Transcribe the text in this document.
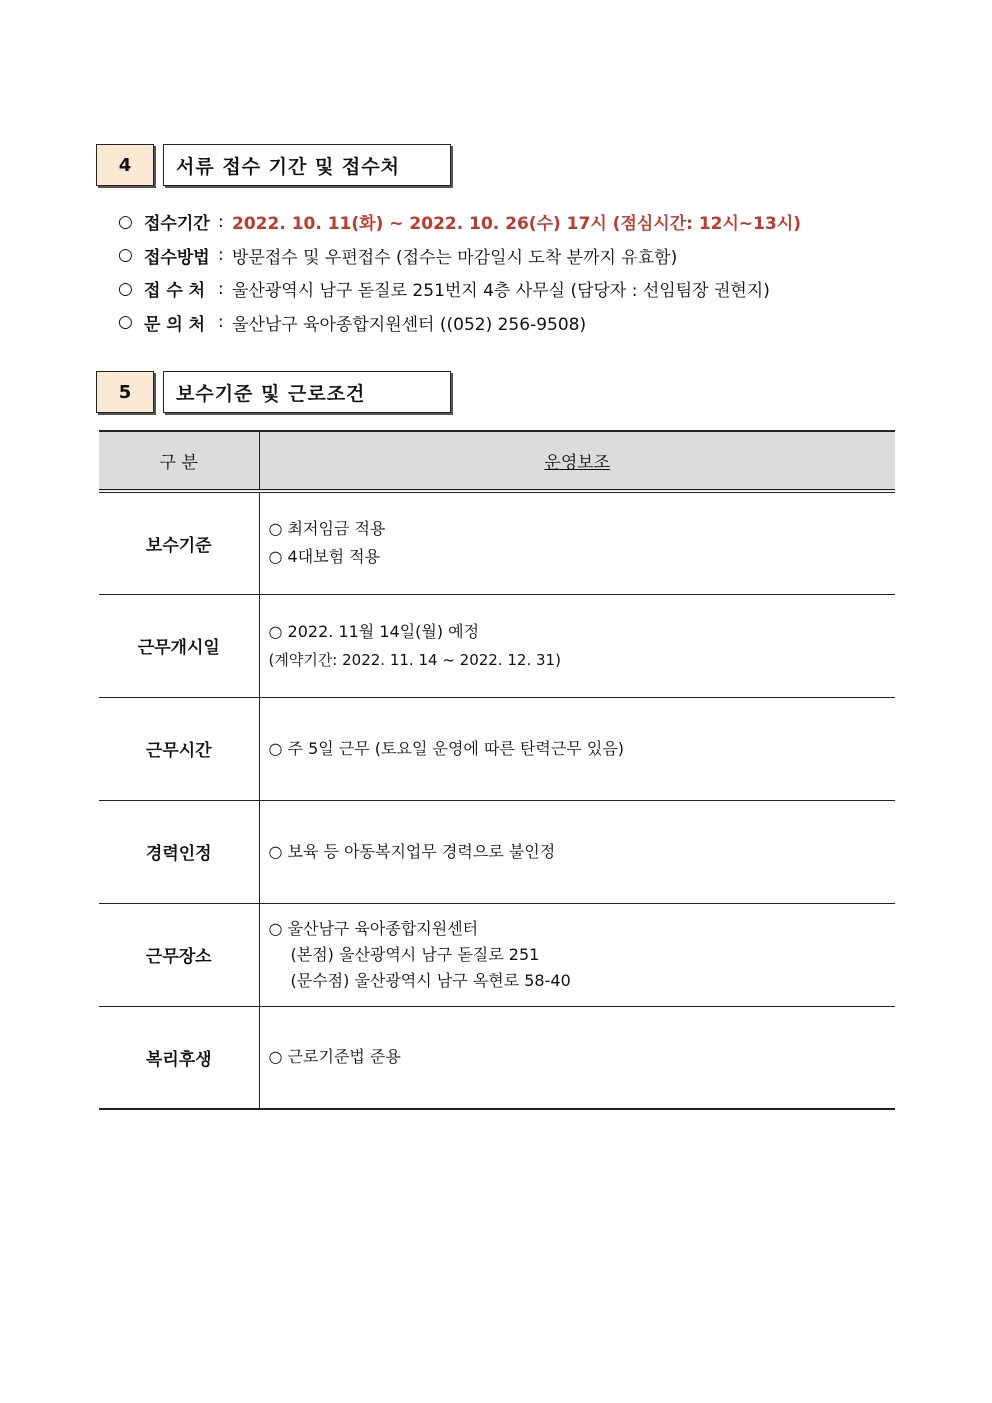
4	서류 접수 기간 및 접수처
○ 접수기간 : 2022. 10. 11(화) ~ 2022. 10. 26(수) 17시 (점심시간: 12시~13시)
○ 접수방법 : 방문접수 및 우편접수 (접수는 마감일시 도착 분까지 유효함)
○ 접 수 처 : 울산광역시 남구 돋질로 251번지 4층 사무실 (담당자 : 선임팀장 권현지)
○ 문 의 처 : 울산남구 육아종합지원센터 ((052) 256-9508)
5	보수기준 및 근로조건
구 분	운영보조
보수기준	○ 최저임금 적용
○ 4대보험 적용

근무개시일	○ 2022. 11월 14일(월) 예정
(계약기간: 2022. 11. 14 ~ 2022. 12. 31)

근무시간	○ 주 5일 근무 (토요일 운영에 따른 탄력근무 있음)

경력인정	○ 보육 등 아동복지업무 경력으로 불인정

근무장소	○ 울산남구 육아종합지원센터
(본점) 울산광역시 남구 돋질로 251
(문수점) 울산광역시 남구 옥현로 58-40

복리후생	○ 근로기준법 준용
